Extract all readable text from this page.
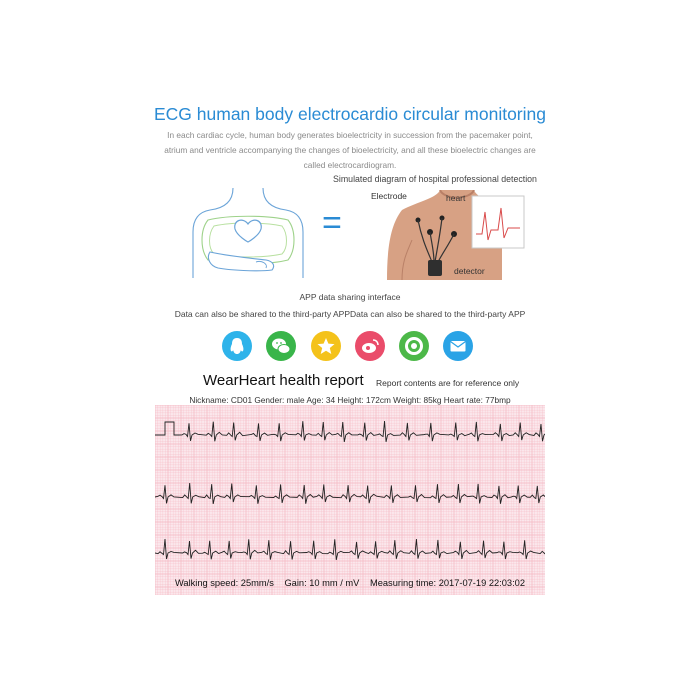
ECG human body electrocardio circular monitoring
In each cardiac cycle, human body generates bioelectricity in succession from the pacemaker point,
atrium and ventricle accompanying the changes of bioelectricity, and all these bioelectric changes are
called electrocardiogram.
=
Simulated diagram of hospital professional detection
Electrode	heart
detector
APP data sharing interface
Data can also be shared to the third-party APPData can also be shared to the third-party APP
WearHeart health report Report contents are for reference only
Nickname: CD01 Gender: male Age: 34 Height: 172cm Weight: 85kg Heart rate: 77bmp
Walking speed: 25mm/s Gain: 10 mm / mV Measuring time: 2017-07-19 22:03:02
